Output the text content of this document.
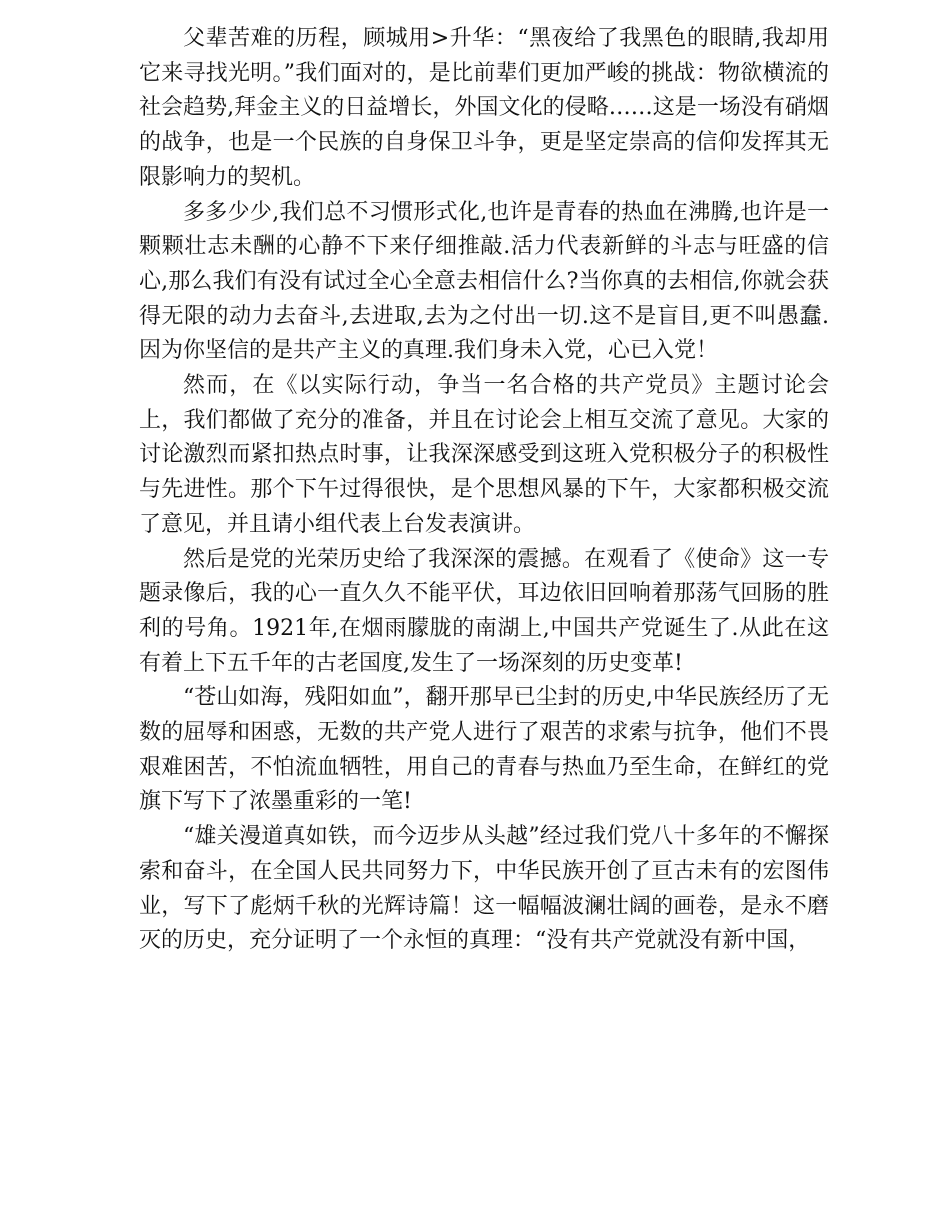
父辈苦难的历程，顾城用>升华：“黑夜给了我黑色的眼睛,我却用它来寻找光明。”我们面对的，是比前辈们更加严峻的挑战：物欲横流的社会趋势,拜金主义的日益增长，外国文化的侵略……这是一场没有硝烟的战争，也是一个民族的自身保卫斗争，更是坚定崇高的信仰发挥其无限影响力的契机。

多多少少,我们总不习惯形式化,也许是青春的热血在沸腾,也许是一颗颗壮志未酬的心静不下来仔细推敲.活力代表新鲜的斗志与旺盛的信心,那么我们有没有试过全心全意去相信什么?当你真的去相信,你就会获得无限的动力去奋斗,去进取,去为之付出一切.这不是盲目,更不叫愚蠢.因为你坚信的是共产主义的真理.我们身未入党，心已入党！

然而，在《以实际行动，争当一名合格的共产党员》主题讨论会上，我们都做了充分的准备，并且在讨论会上相互交流了意见。大家的讨论激烈而紧扣热点时事，让我深深感受到这班入党积极分子的积极性与先进性。那个下午过得很快，是个思想风暴的下午，大家都积极交流了意见，并且请小组代表上台发表演讲。

然后是党的光荣历史给了我深深的震撼。在观看了《使命》这一专题录像后，我的心一直久久不能平伏，耳边依旧回响着那荡气回肠的胜利的号角。1921年,在烟雨朦胧的南湖上,中国共产党诞生了.从此在这有着上下五千年的古老国度,发生了一场深刻的历史变革!

“苍山如海，残阳如血”，翻开那早已尘封的历史,中华民族经历了无数的屈辱和困惑，无数的共产党人进行了艰苦的求索与抗争，他们不畏艰难困苦，不怕流血牺牲，用自己的青春与热血乃至生命，在鲜红的党旗下写下了浓墨重彩的一笔!

“雄关漫道真如铁，而今迈步从头越”经过我们党八十多年的不懈探索和奋斗，在全国人民共同努力下，中华民族开创了亘古未有的宏图伟业，写下了彪炳千秋的光辉诗篇！这一幅幅波澜壮阔的画卷，是永不磨灭的历史，充分证明了一个永恒的真理：“没有共产党就没有新中国，
